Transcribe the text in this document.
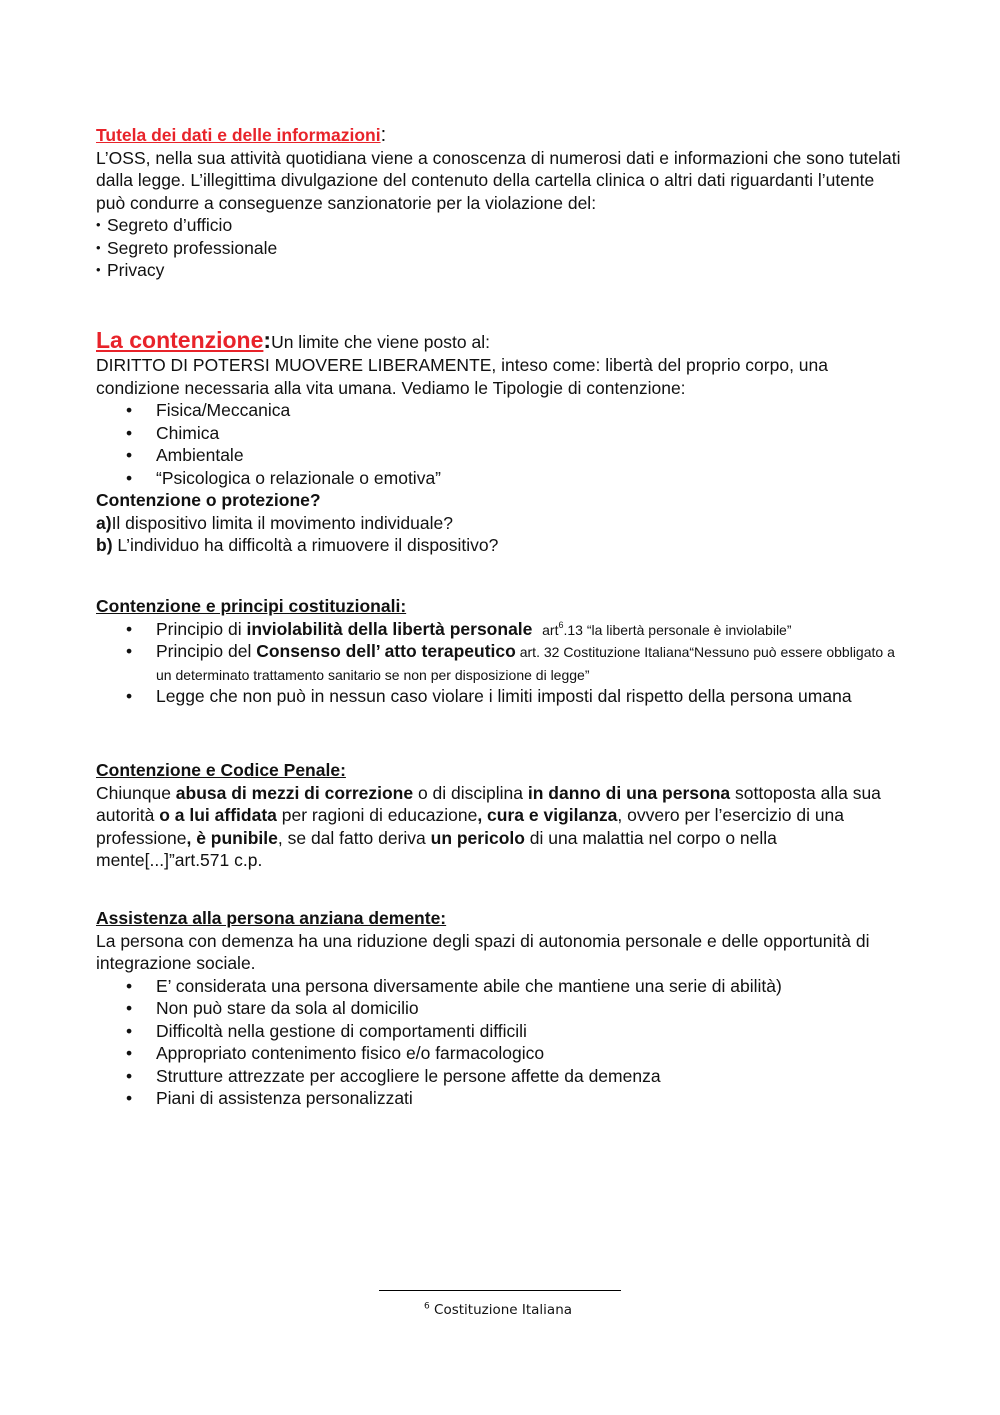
Tutela dei dati e delle informazioni:

L’OSS, nella sua attività quotidiana viene a conoscenza di numerosi dati e informazioni che sono tutelati dalla legge. L’illegittima divulgazione del contenuto della cartella clinica o altri dati riguardanti l’utente può condurre a conseguenze sanzionatorie per la violazione del:

• Segreto d’ufficio
• Segreto professionale
• Privacy

La contenzione:Un limite che viene posto al:

DIRITTO DI POTERSI MUOVERE LIBERAMENTE, inteso come: libertà del proprio corpo, una condizione necessaria alla vita umana. Vediamo le Tipologie di contenzione:

• Fisica/Meccanica
• Chimica
• Ambientale
• “Psicologica o relazionale o emotiva”

Contenzione o protezione?

a)Il dispositivo limita il movimento individuale?

b) L’individuo ha difficoltà a rimuovere il dispositivo?

Contenzione e principi costituzionali:

• Principio di inviolabilità della libertà personale art$^6$.13 “la libertà personale è inviolabile”
• Principio del Consenso dell’ atto terapeutico art. 32 Costituzione Italiana“Nessuno può essere obbligato a un determinato trattamento sanitario se non per disposizione di legge”
• Legge che non può in nessun caso violare i limiti imposti dal rispetto della persona umana

Contenzione e Codice Penale:

Chiunque abusa di mezzi di correzione o di disciplina in danno di una persona sottoposta alla sua autorità o a lui affidata per ragioni di educazione, cura e vigilanza, ovvero per l’esercizio di una professione, è punibile, se dal fatto deriva un pericolo di una malattia nel corpo o nella mente[...]”art.571 c.p.

Assistenza alla persona anziana demente:

La persona con demenza ha una riduzione degli spazi di autonomia personale e delle opportunità di integrazione sociale.

• E’ considerata una persona diversamente abile che mantiene una serie di abilità)
• Non può stare da sola al domicilio
• Difficoltà nella gestione di comportamenti difficili
• Appropriato contenimento fisico e/o farmacologico
• Strutture attrezzate per accogliere le persone affette da demenza
• Piani di assistenza personalizzati
$^6$ Costituzione Italiana
